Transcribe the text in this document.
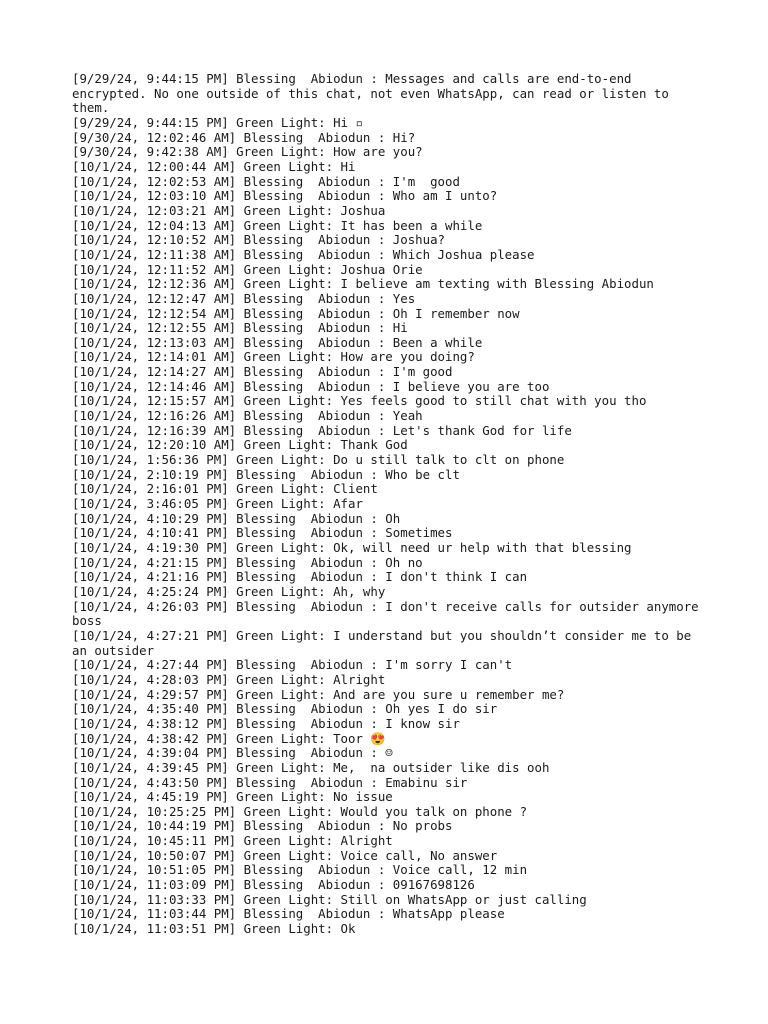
[9/29/24, 9:44:15 PM] Blessing  Abiodun : Messages and calls are end-to-end encrypted. No one outside of this chat, not even WhatsApp, can read or listen to them.
[9/29/24, 9:44:15 PM] Green Light: Hi ▫
[9/30/24, 12:02:46 AM] Blessing  Abiodun : Hi?
[9/30/24, 9:42:38 AM] Green Light: How are you?
[10/1/24, 12:00:44 AM] Green Light: Hi
[10/1/24, 12:02:53 AM] Blessing  Abiodun : I'm  good
[10/1/24, 12:03:10 AM] Blessing  Abiodun : Who am I unto?
[10/1/24, 12:03:21 AM] Green Light: Joshua
[10/1/24, 12:04:13 AM] Green Light: It has been a while
[10/1/24, 12:10:52 AM] Blessing  Abiodun : Joshua?
[10/1/24, 12:11:38 AM] Blessing  Abiodun : Which Joshua please
[10/1/24, 12:11:52 AM] Green Light: Joshua Orie
[10/1/24, 12:12:36 AM] Green Light: I believe am texting with Blessing Abiodun
[10/1/24, 12:12:47 AM] Blessing  Abiodun : Yes
[10/1/24, 12:12:54 AM] Blessing  Abiodun : Oh I remember now
[10/1/24, 12:12:55 AM] Blessing  Abiodun : Hi
[10/1/24, 12:13:03 AM] Blessing  Abiodun : Been a while
[10/1/24, 12:14:01 AM] Green Light: How are you doing?
[10/1/24, 12:14:27 AM] Blessing  Abiodun : I'm good
[10/1/24, 12:14:46 AM] Blessing  Abiodun : I believe you are too
[10/1/24, 12:15:57 AM] Green Light: Yes feels good to still chat with you tho
[10/1/24, 12:16:26 AM] Blessing  Abiodun : Yeah
[10/1/24, 12:16:39 AM] Blessing  Abiodun : Let's thank God for life
[10/1/24, 12:20:10 AM] Green Light: Thank God
[10/1/24, 1:56:36 PM] Green Light: Do u still talk to clt on phone
[10/1/24, 2:10:19 PM] Blessing  Abiodun : Who be clt
[10/1/24, 2:16:01 PM] Green Light: Client
[10/1/24, 3:46:05 PM] Green Light: Afar
[10/1/24, 4:10:29 PM] Blessing  Abiodun : Oh
[10/1/24, 4:10:41 PM] Blessing  Abiodun : Sometimes
[10/1/24, 4:19:30 PM] Green Light: Ok, will need ur help with that blessing
[10/1/24, 4:21:15 PM] Blessing  Abiodun : Oh no
[10/1/24, 4:21:16 PM] Blessing  Abiodun : I don't think I can
[10/1/24, 4:25:24 PM] Green Light: Ah, why
[10/1/24, 4:26:03 PM] Blessing  Abiodun : I don't receive calls for outsider anymore boss
[10/1/24, 4:27:21 PM] Green Light: I understand but you shouldn’t consider me to be an outsider
[10/1/24, 4:27:44 PM] Blessing  Abiodun : I'm sorry I can't
[10/1/24, 4:28:03 PM] Green Light: Alright
[10/1/24, 4:29:57 PM] Green Light: And are you sure u remember me?
[10/1/24, 4:35:40 PM] Blessing  Abiodun : Oh yes I do sir
[10/1/24, 4:38:12 PM] Blessing  Abiodun : I know sir
[10/1/24, 4:38:42 PM] Green Light: Toor 😍
[10/1/24, 4:39:04 PM] Blessing  Abiodun : ☺
[10/1/24, 4:39:45 PM] Green Light: Me,  na outsider like dis ooh
[10/1/24, 4:43:50 PM] Blessing  Abiodun : Emabinu sir
[10/1/24, 4:45:19 PM] Green Light: No issue
[10/1/24, 10:25:25 PM] Green Light: Would you talk on phone ?
[10/1/24, 10:44:19 PM] Blessing  Abiodun : No probs
[10/1/24, 10:45:11 PM] Green Light: Alright
[10/1/24, 10:50:07 PM] Green Light: Voice call, No answer
[10/1/24, 10:51:05 PM] Blessing  Abiodun : Voice call, 12 min
[10/1/24, 11:03:09 PM] Blessing  Abiodun : 09167698126
[10/1/24, 11:03:33 PM] Green Light: Still on WhatsApp or just calling
[10/1/24, 11:03:44 PM] Blessing  Abiodun : WhatsApp please
[10/1/24, 11:03:51 PM] Green Light: Ok
